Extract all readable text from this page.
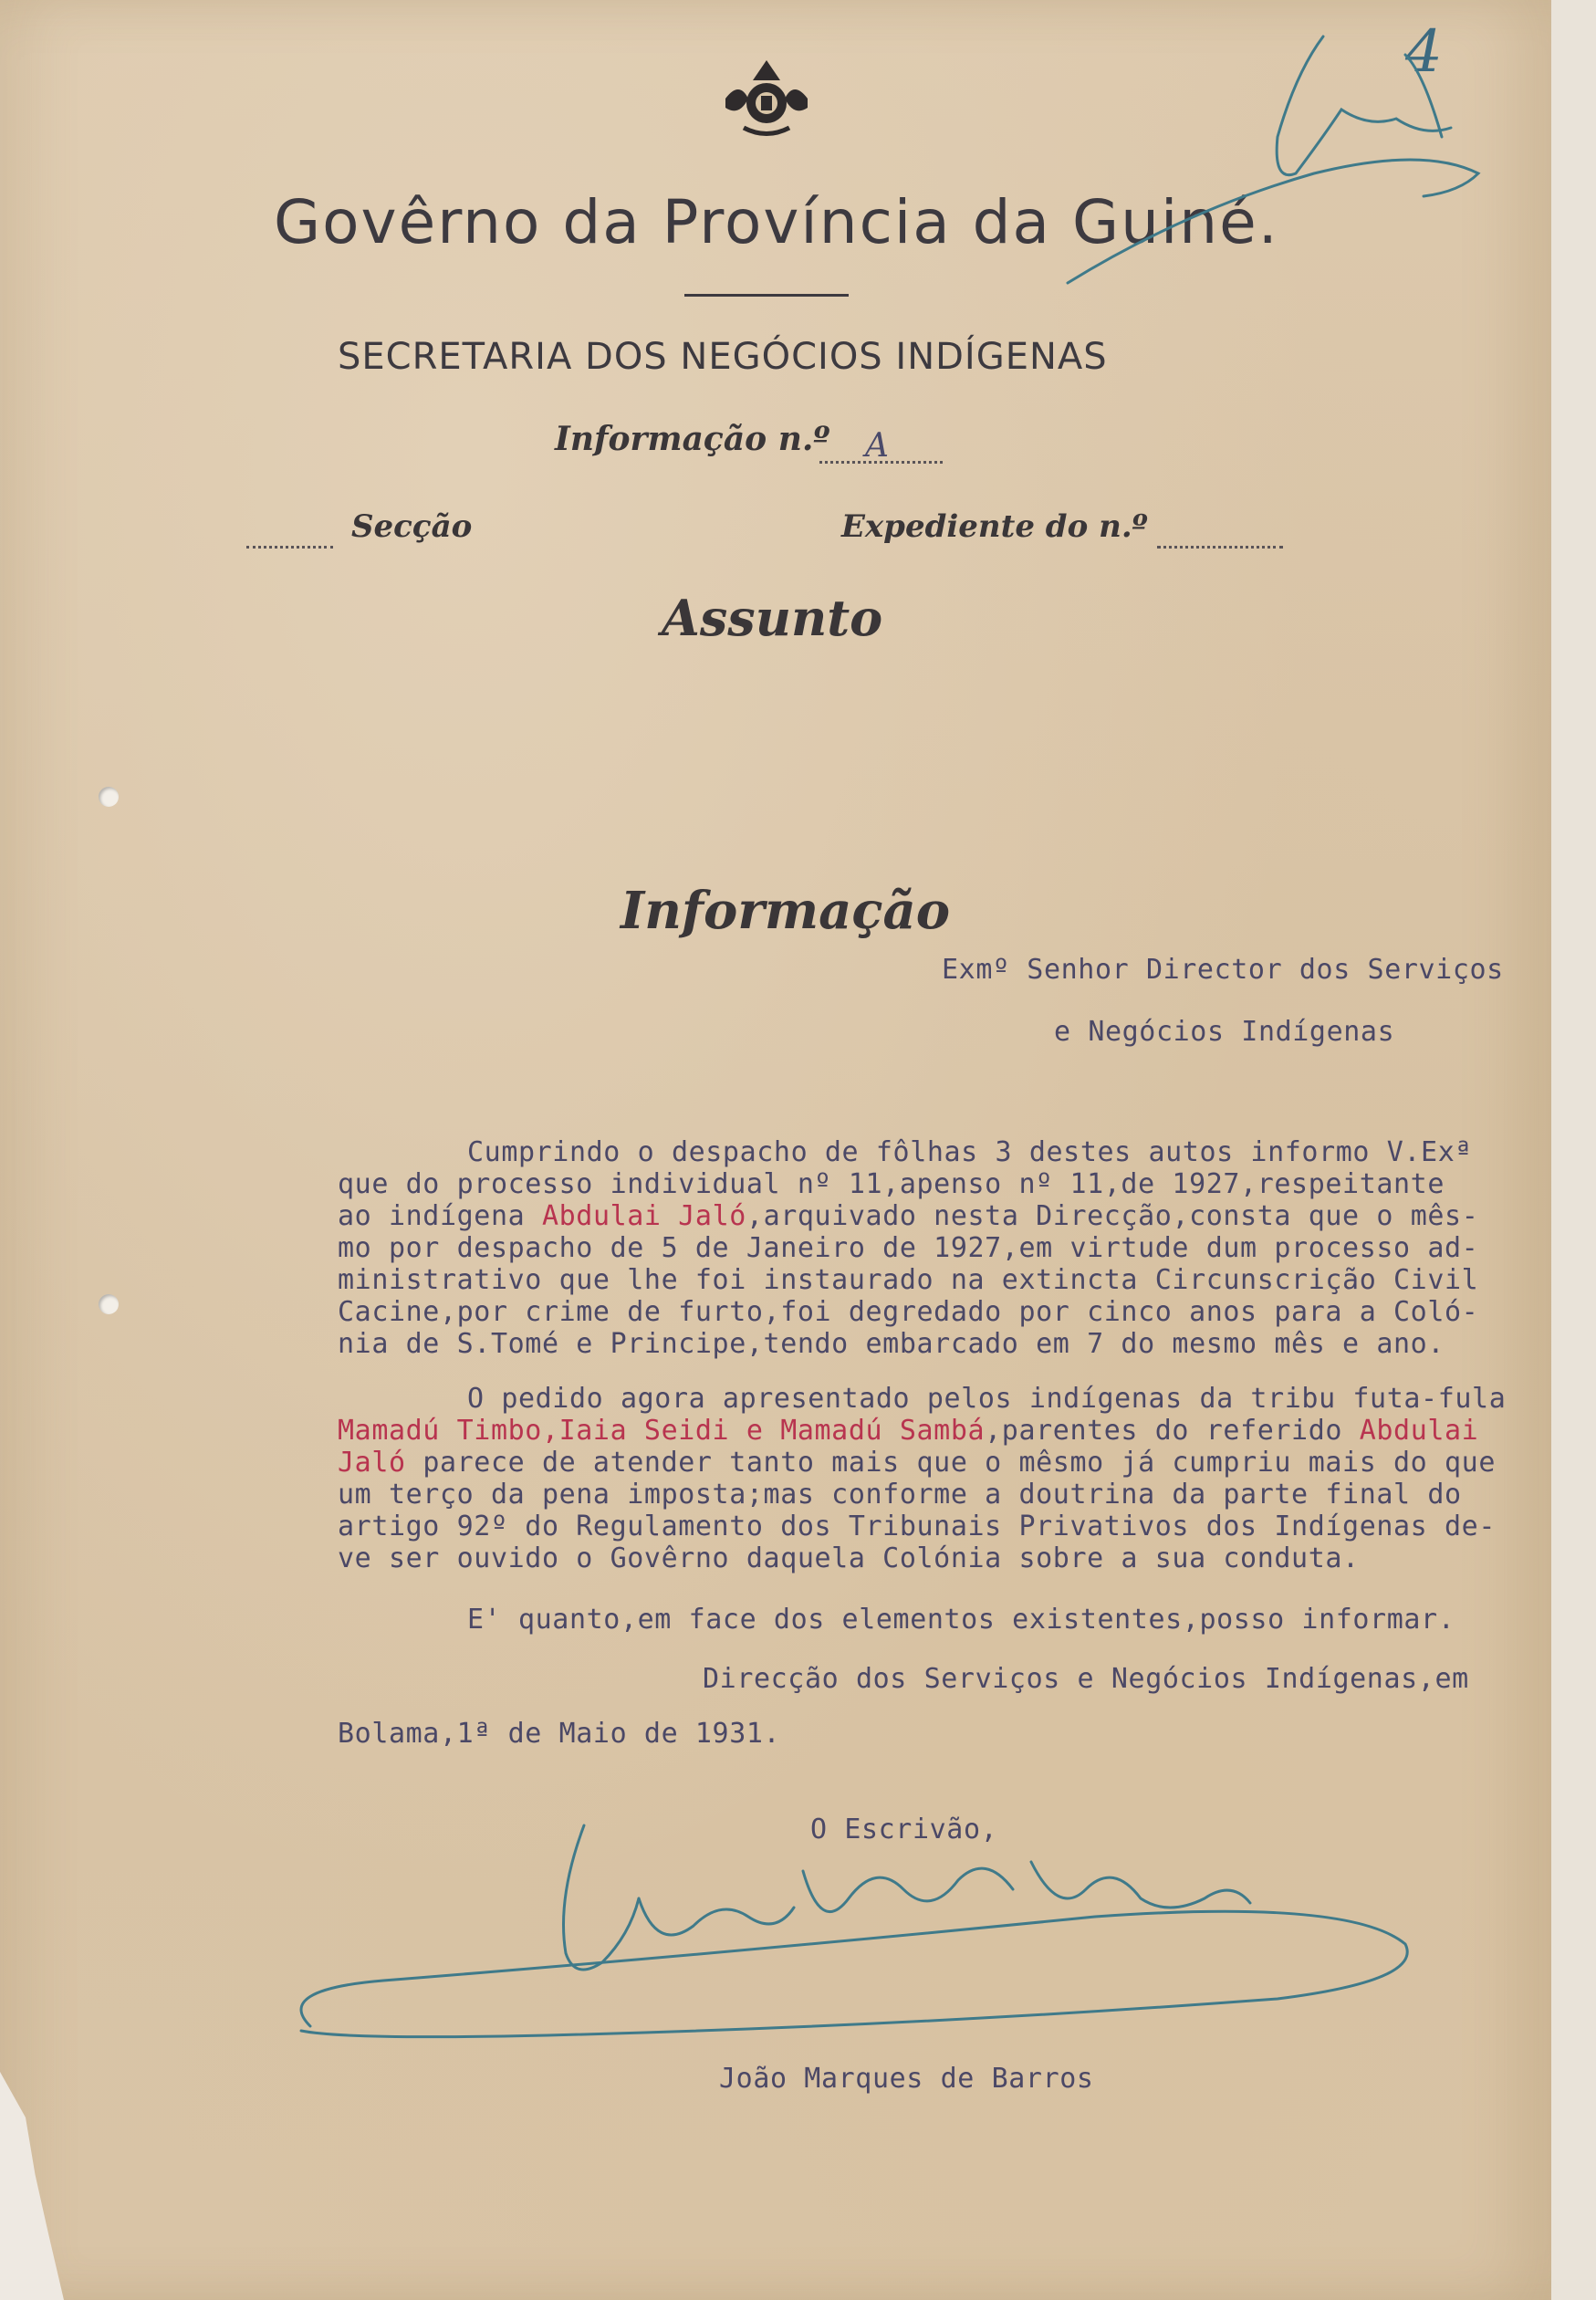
Govêrno da Província da Guiné.
SECRETARIA DOS NEGÓCIOS INDÍGENAS
Informação n.º A
Secção	Expediente do n.º
Assunto
Informação
Exmº Senhor Director dos Serviços
e Negócios Indígenas
Cumprindo o despacho de fôlhas 3 destes autos informo V.Exª
que do processo individual nº 11,apenso nº 11,de 1927,respeitante
ao indígena Abdulai Jaló,arquivado nesta Direcção,consta que o mês-
mo por despacho de 5 de Janeiro de 1927,em virtude dum processo ad-
ministrativo que lhe foi instaurado na extincta Circunscrição Civil
Cacine,por crime de furto,foi degredado por cinco anos para a Coló-
nia de S.Tomé e Principe,tendo embarcado em 7 do mesmo mês e ano.
O pedido agora apresentado pelos indígenas da tribu futa-fula
Mamadú Timbo,Iaia Seidi e Mamadú Sambá,parentes do referido Abdulai
Jaló parece de atender tanto mais que o mêsmo já cumpriu mais do que
um terço da pena imposta;mas conforme a doutrina da parte final do
artigo 92º do Regulamento dos Tribunais Privativos dos Indígenas de-
ve ser ouvido o Govêrno daquela Colónia sobre a sua conduta.
E' quanto,em face dos elementos existentes,posso informar.
Direcção dos Serviços e Negócios Indígenas,em
Bolama,1ª de Maio de 1931.
O Escrivão,
João Marques de Barros
4
